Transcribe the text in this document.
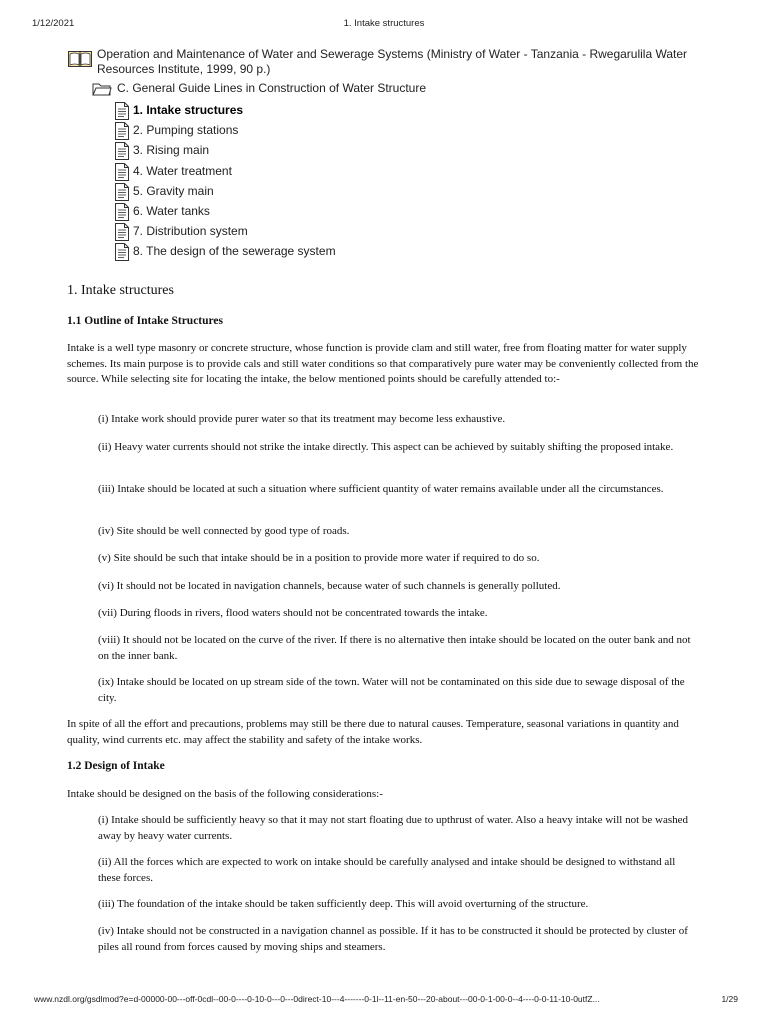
1/12/2021	1. Intake structures
Operation and Maintenance of Water and Sewerage Systems (Ministry of Water - Tanzania - Rwegarulila Water Resources Institute, 1999, 90 p.)
C. General Guide Lines in Construction of Water Structure
1. Intake structures
2. Pumping stations
3. Rising main
4. Water treatment
5. Gravity main
6. Water tanks
7. Distribution system
8. The design of the sewerage system
1. Intake structures
1.1 Outline of Intake Structures

Intake is a well type masonry or concrete structure, whose function is provide clam and still water, free from floating matter for water supply schemes. Its main purpose is to provide cals and still water conditions so that comparatively pure water may be conveniently collected from the source. While selecting site for locating the intake, the below mentioned points should be carefully attended to:-

(i) Intake work should provide purer water so that its treatment may become less exhaustive.

(ii) Heavy water currents should not strike the intake directly. This aspect can be achieved by suitably shifting the proposed intake.

(iii) Intake should be located at such a situation where sufficient quantity of water remains available under all the circumstances.

(iv) Site should be well connected by good type of roads.

(v) Site should be such that intake should be in a position to provide more water if required to do so.

(vi) It should not be located in navigation channels, because water of such channels is generally polluted.

(vii) During floods in rivers, flood waters should not be concentrated towards the intake.

(viii) It should not be located on the curve of the river. If there is no alternative then intake should be located on the outer bank and not on the inner bank.

(ix) Intake should be located on up stream side of the town. Water will not be contaminated on this side due to sewage disposal of the city.

In spite of all the effort and precautions, problems may still be there due to natural causes. Temperature, seasonal variations in quantity and quality, wind currents etc. may affect the stability and safety of the intake works.

1.2 Design of Intake

Intake should be designed on the basis of the following considerations:-

(i) Intake should be sufficiently heavy so that it may not start floating due to upthrust of water. Also a heavy intake will not be washed away by heavy water currents.

(ii) All the forces which are expected to work on intake should be carefully analysed and intake should be designed to withstand all these forces.

(iii) The foundation of the intake should be taken sufficiently deep. This will avoid overturning of the structure.

(iv) Intake should not be constructed in a navigation channel as possible. If it has to be constructed it should be protected by cluster of piles all round from forces caused by moving ships and steamers.

www.nzdl.org/gsdlmod?e=d-00000-00---off-0cdl--00-0----0-10-0---0---0direct-10---4-------0-1l--11-en-50---20-about---00-0-1-00-0--4----0-0-11-10-0utfZ...	1/29
